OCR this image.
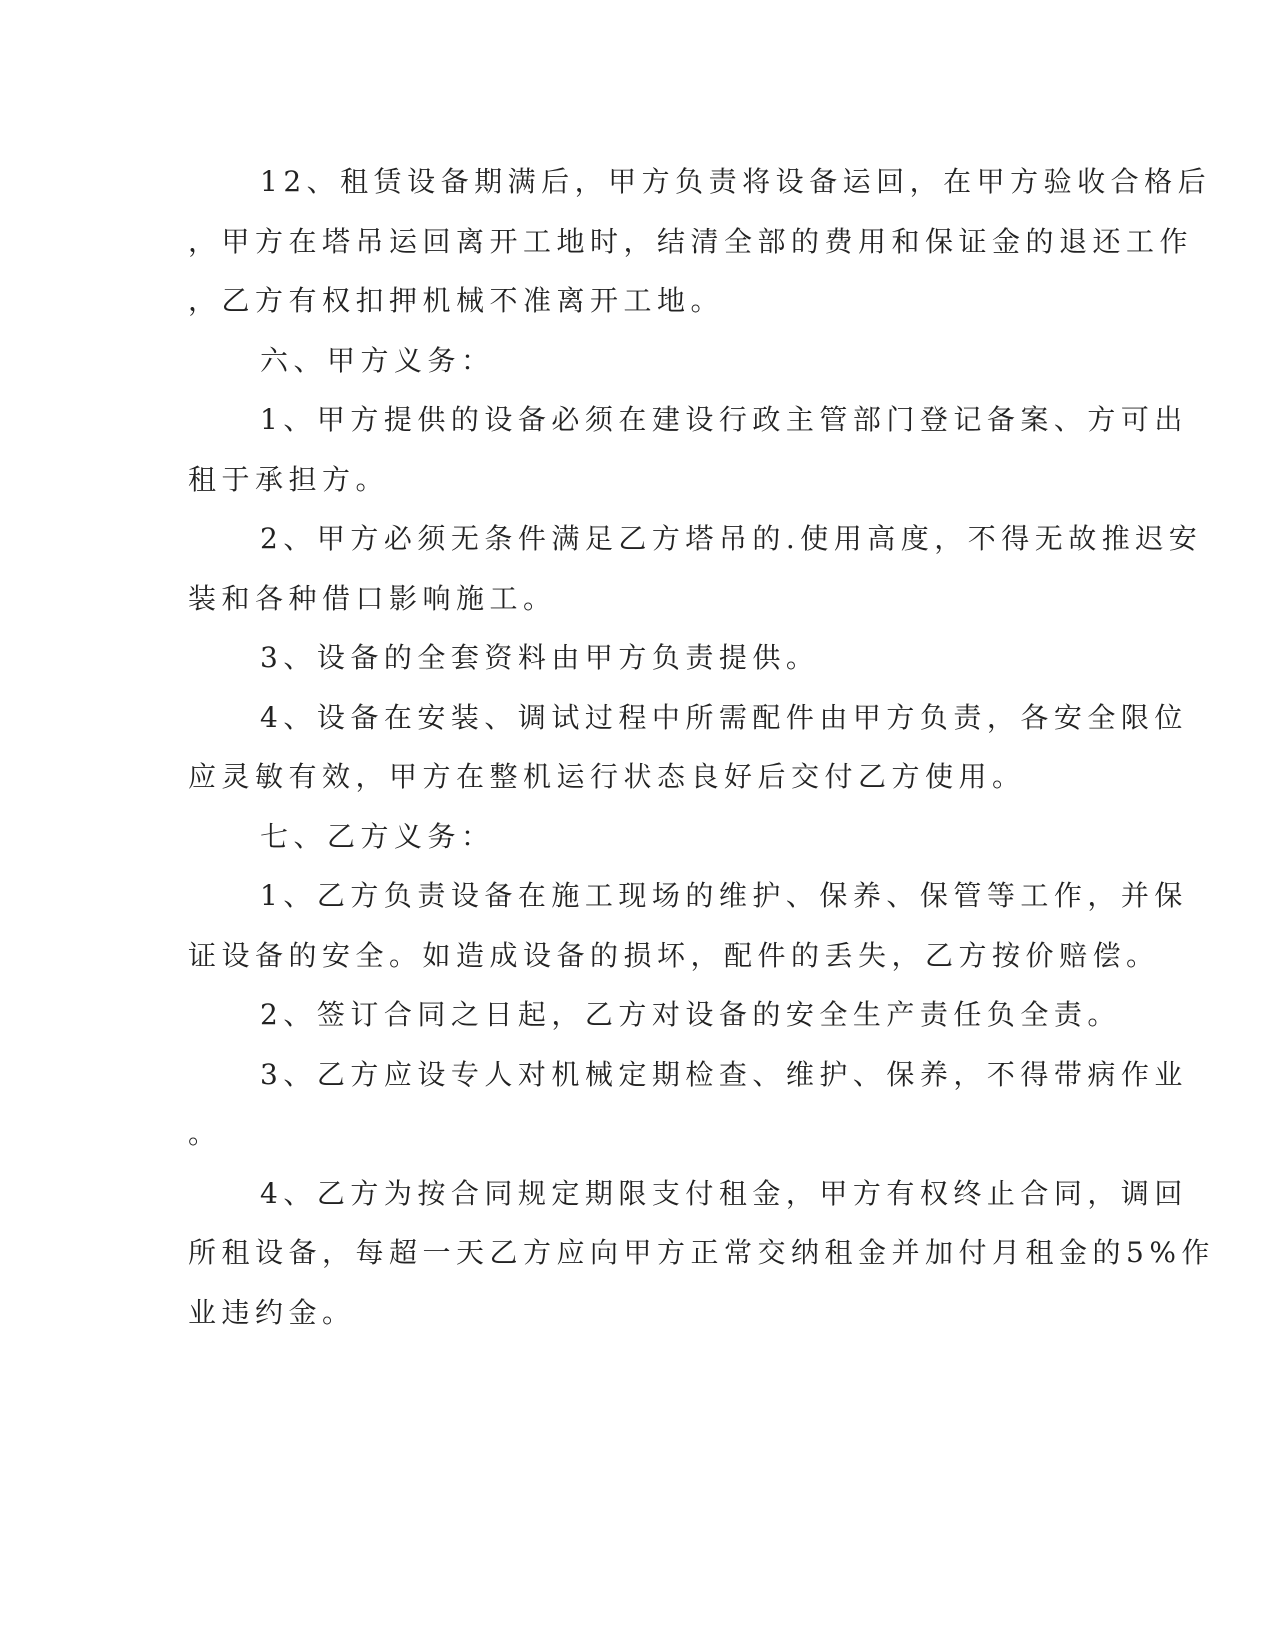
12、租赁设备期满后，甲方负责将设备运回，在甲方验收合格后
，甲方在塔吊运回离开工地时，结清全部的费用和保证金的退还工作
，乙方有权扣押机械不准离开工地。
六、甲方义务：
1、甲方提供的设备必须在建设行政主管部门登记备案、方可出
租于承担方。
2、甲方必须无条件满足乙方塔吊的.使用高度，不得无故推迟安
装和各种借口影响施工。
3、设备的全套资料由甲方负责提供。
4、设备在安装、调试过程中所需配件由甲方负责，各安全限位
应灵敏有效，甲方在整机运行状态良好后交付乙方使用。
七、乙方义务：
1、乙方负责设备在施工现场的维护、保养、保管等工作，并保
证设备的安全。如造成设备的损坏，配件的丢失，乙方按价赔偿。
2、签订合同之日起，乙方对设备的安全生产责任负全责。
3、乙方应设专人对机械定期检查、维护、保养，不得带病作业
。
4、乙方为按合同规定期限支付租金，甲方有权终止合同，调回
所租设备，每超一天乙方应向甲方正常交纳租金并加付月租金的5%作
业违约金。
